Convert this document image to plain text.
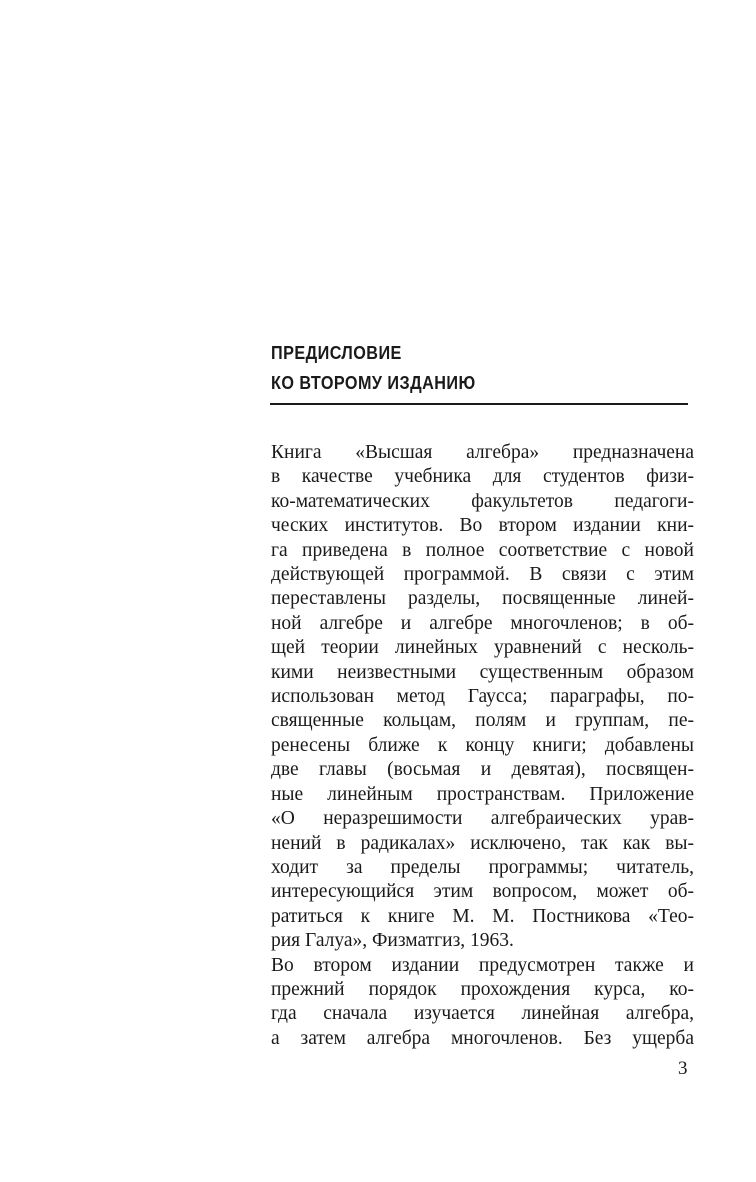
ПРЕДИСЛОВИЕ
КО ВТОРОМУ ИЗДАНИЮ
Книга «Высшая алгебра» предназначена
в качестве учебника для студентов физи-
ко-математических факультетов педагоги-
ческих институтов. Во втором издании кни-
га приведена в полное соответствие с новой
действующей программой. В связи с этим
переставлены разделы, посвященные линей-
ной алгебре и алгебре многочленов; в об-
щей теории линейных уравнений с несколь-
кими неизвестными существенным образом
использован метод Гаусса; параграфы, по-
священные кольцам, полям и группам, пе-
ренесены ближе к концу книги; добавлены
две главы (восьмая и девятая), посвящен-
ные линейным пространствам. Приложение
«О неразрешимости алгебраических урав-
нений в радикалах» исключено, так как вы-
ходит за пределы программы; читатель,
интересующийся этим вопросом, может об-
ратиться к книге М. М. Постникова «Тео-
рия Галуа», Физматгиз, 1963.
Во втором издании предусмотрен также и
прежний порядок прохождения курса, ко-
гда сначала изучается линейная алгебра,
а затем алгебра многочленов. Без ущерба
3
